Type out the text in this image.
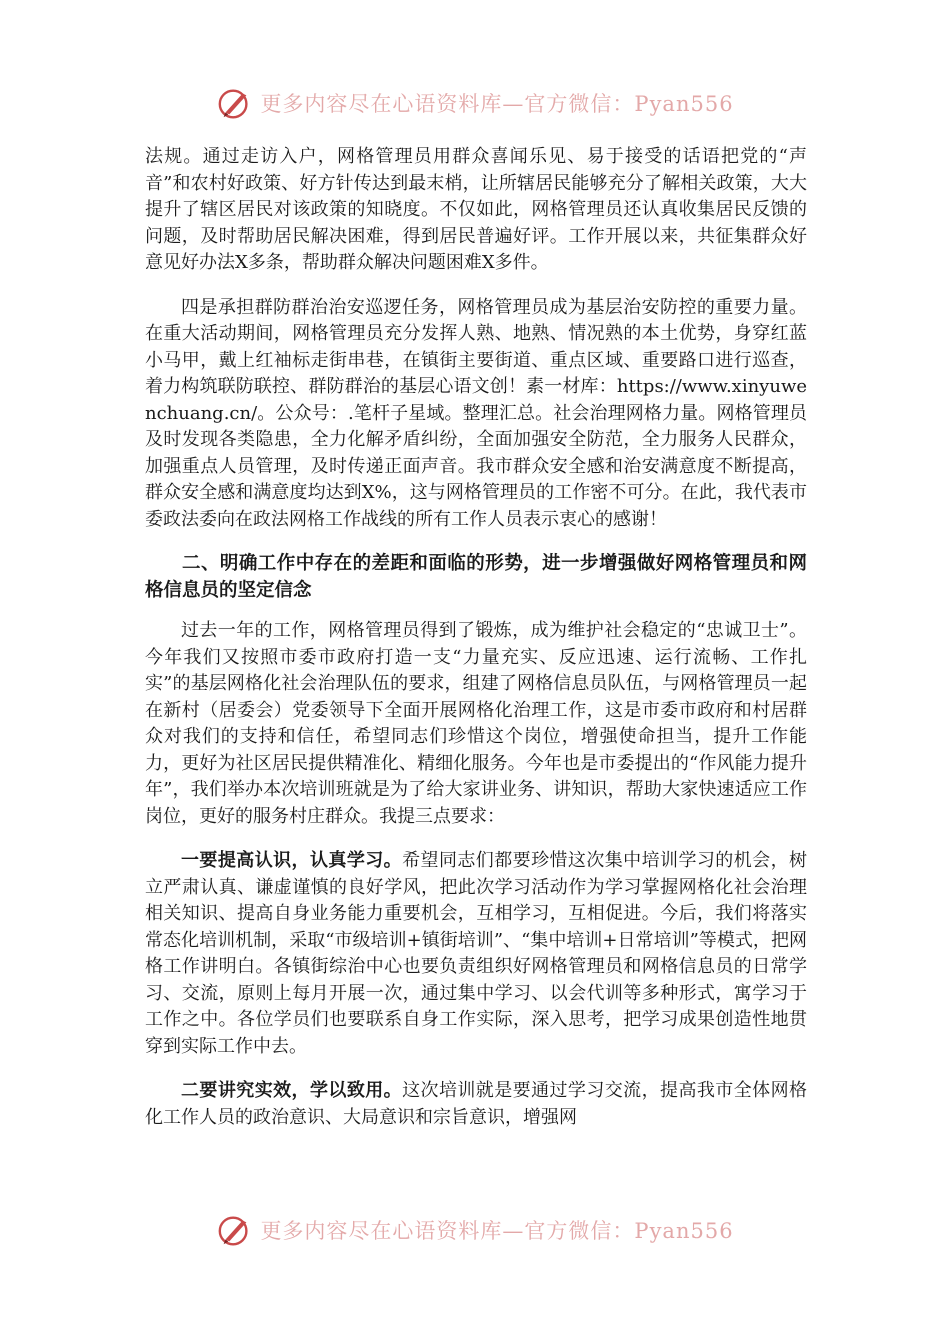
更多内容尽在心语资料库—官方微信：Pyan556

法规。通过走访入户，网格管理员用群众喜闻乐见、易于接受的话语把党的“声音”和农村好政策、好方针传达到最末梢，让所辖居民能够充分了解相关政策，大大提升了辖区居民对该政策的知晓度。不仅如此，网格管理员还认真收集居民反馈的问题，及时帮助居民解决困难，得到居民普遍好评。工作开展以来，共征集群众好意见好办法X多条，帮助群众解决问题困难X多件。

四是承担群防群治治安巡逻任务，网格管理员成为基层治安防控的重要力量。在重大活动期间，网格管理员充分发挥人熟、地熟、情况熟的本土优势，身穿红蓝小马甲，戴上红袖标走街串巷，在镇街主要街道、重点区域、重要路口进行巡查，着力构筑联防联控、群防群治的基层心语文创！素一材库：https://www.xinyuwenchuang.cn/。公众号：.笔杆子星域。整理汇总。社会治理网格力量。网格管理员及时发现各类隐患，全力化解矛盾纠纷，全面加强安全防范，全力服务人民群众，加强重点人员管理，及时传递正面声音。我市群众安全感和治安满意度不断提高，群众安全感和满意度均达到X%，这与网格管理员的工作密不可分。在此，我代表市委政法委向在政法网格工作战线的所有工作人员表示衷心的感谢！

二、明确工作中存在的差距和面临的形势，进一步增强做好网格管理员和网格信息员的坚定信念

过去一年的工作，网格管理员得到了锻炼，成为维护社会稳定的“忠诚卫士”。今年我们又按照市委市政府打造一支“力量充实、反应迅速、运行流畅、工作扎实”的基层网格化社会治理队伍的要求，组建了网格信息员队伍，与网格管理员一起在新村（居委会）党委领导下全面开展网格化治理工作，这是市委市政府和村居群众对我们的支持和信任，希望同志们珍惜这个岗位，增强使命担当，提升工作能力，更好为社区居民提供精准化、精细化服务。今年也是市委提出的“作风能力提升年”，我们举办本次培训班就是为了给大家讲业务、讲知识，帮助大家快速适应工作岗位，更好的服务村庄群众。我提三点要求：

一要提高认识，认真学习。希望同志们都要珍惜这次集中培训学习的机会，树立严肃认真、谦虚谨慎的良好学风，把此次学习活动作为学习掌握网格化社会治理相关知识、提高自身业务能力重要机会，互相学习，互相促进。今后，我们将落实常态化培训机制，采取“市级培训+镇街培训”、“集中培训+日常培训”等模式，把网格工作讲明白。各镇街综治中心也要负责组织好网格管理员和网格信息员的日常学习、交流，原则上每月开展一次，通过集中学习、以会代训等多种形式，寓学习于工作之中。各位学员们也要联系自身工作实际，深入思考，把学习成果创造性地贯穿到实际工作中去。

二要讲究实效，学以致用。这次培训就是要通过学习交流，提高我市全体网格化工作人员的政治意识、大局意识和宗旨意识，增强网

更多内容尽在心语资料库—官方微信：Pyan556
